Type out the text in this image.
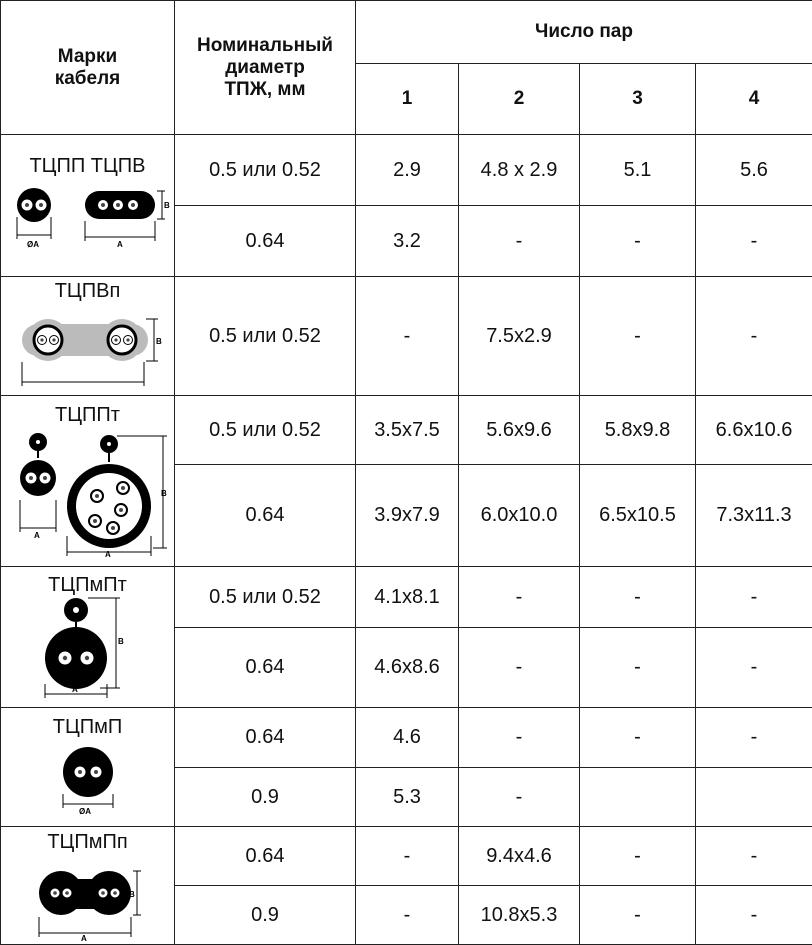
Марки
кабеля	Номинальный
диаметр
ТПЖ, мм	Число пар			
		1	2	3	4

ТЦПП ТЦПВ
ØA А
B	0.5 или 0.52	2.9	4.8 x 2.9	5.1	5.6
	0.64	3.2	-	-	-

ТЦПВп
B	0.5 или 0.52	-	7.5x2.9	-	-

ТЦППт
А
А
B	0.5 или 0.52	3.5x7.5	5.6x9.6	5.8x9.8	6.6x10.6
	0.64	3.9x7.9	6.0x10.0	6.5x10.5	7.3x11.3

ТЦПмПт
А
B	0.5 или 0.52	4.1x8.1	-	-	-
	0.64	4.6x8.6	-	-	-

ТЦПмП
ØA	0.64	4.6	-	-	-
	0.9	5.3	-		

ТЦПмПп
А
B	0.64	-	9.4x4.6	-	-
	0.9	-	10.8x5.3	-	-
